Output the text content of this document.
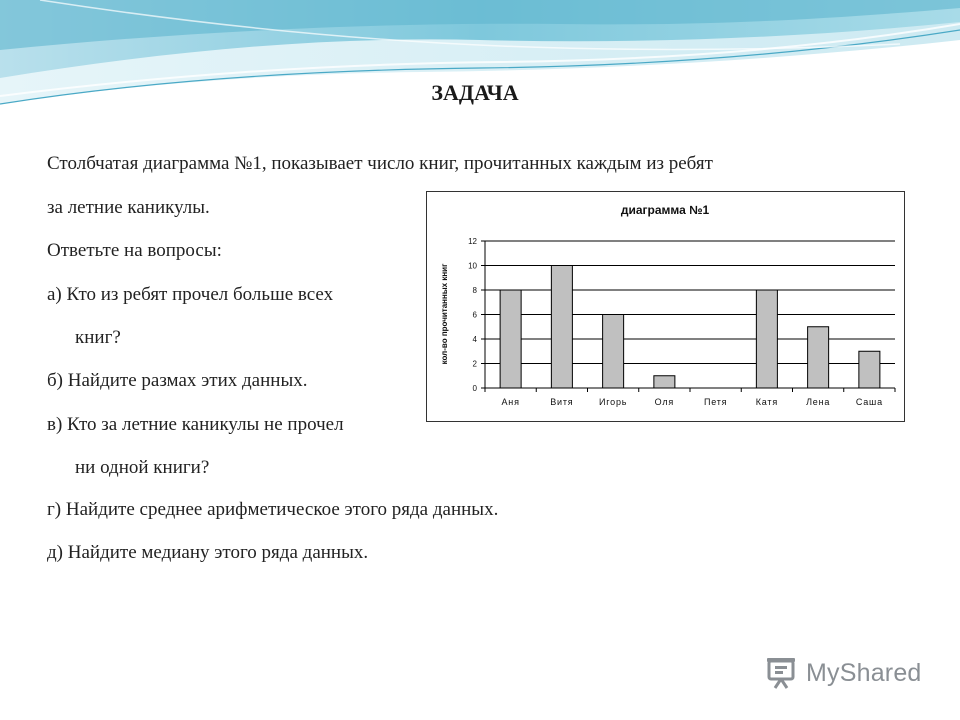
ЗАДАЧА
Столбчатая диаграмма №1, показывает число книг, прочитанных каждым из ребят
за летние каникулы.
Ответьте на вопросы:
а) Кто из ребят прочел больше всех
книг?
б) Найдите размах этих данных.
в) Кто за летние каникулы не прочел
ни одной книги?
г) Найдите среднее арифметическое этого ряда данных.
д) Найдите медиану этого ряда данных.
диаграмма №1
кол-во прочитанных книг
0
2
4
6
8
10
12
Аня	Витя	Игорь	Оля	Петя	Катя	Лена	Саша
MyShared
